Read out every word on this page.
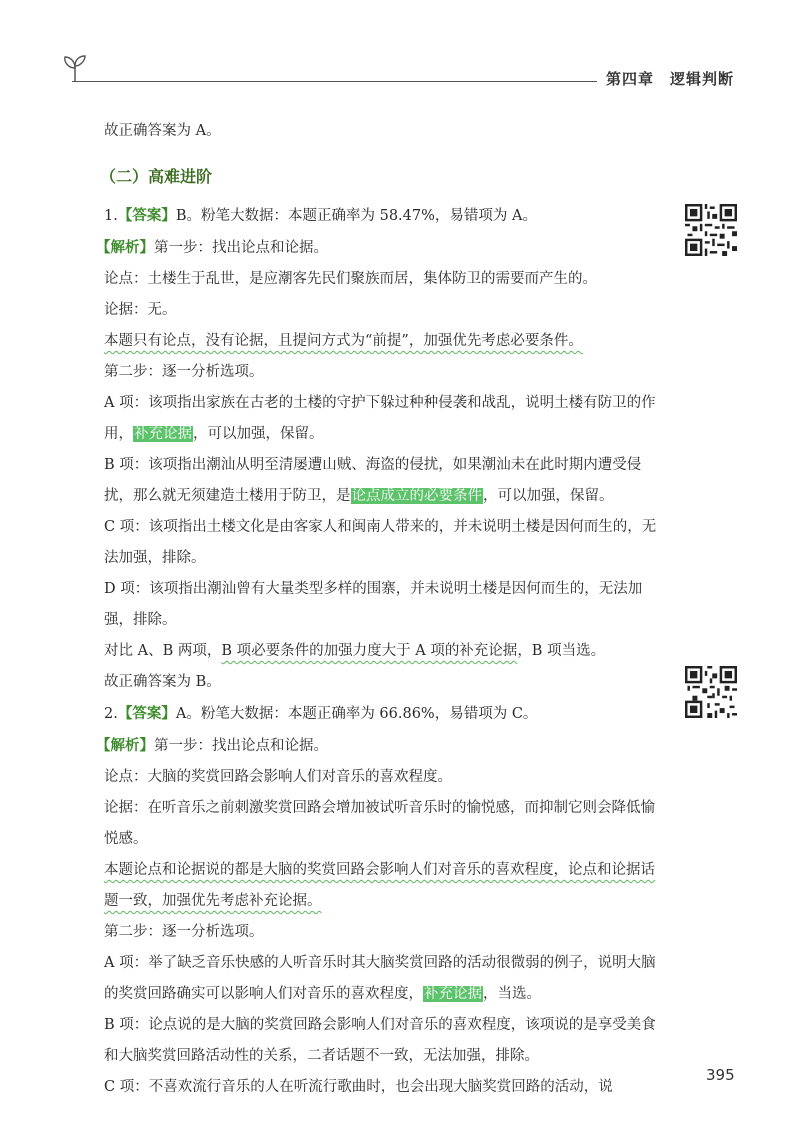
第四章　逻辑判断

故正确答案为 A。

（二）高难进阶

1.【答案】B。粉笔大数据：本题正确率为 58.47%，易错项为 A。

【解析】第一步：找出论点和论据。

论点：土楼生于乱世，是应潮客先民们聚族而居，集体防卫的需要而产生的。

论据：无。

本题只有论点，没有论据，且提问方式为“前提”，加强优先考虑必要条件。

第二步：逐一分析选项。

A 项：该项指出家族在古老的土楼的守护下躲过种种侵袭和战乱，说明土楼有防卫的作用，补充论据，可以加强，保留。

B 项：该项指出潮汕从明至清屡遭山贼、海盗的侵扰，如果潮汕未在此时期内遭受侵扰，那么就无须建造土楼用于防卫，是论点成立的必要条件，可以加强，保留。

C 项：该项指出土楼文化是由客家人和闽南人带来的，并未说明土楼是因何而生的，无法加强，排除。

D 项：该项指出潮汕曾有大量类型多样的围寨，并未说明土楼是因何而生的，无法加强，排除。

对比 A、B 两项，B 项必要条件的加强力度大于 A 项的补充论据，B 项当选。

故正确答案为 B。

2.【答案】A。粉笔大数据：本题正确率为 66.86%，易错项为 C。

【解析】第一步：找出论点和论据。

论点：大脑的奖赏回路会影响人们对音乐的喜欢程度。

论据：在听音乐之前刺激奖赏回路会增加被试听音乐时的愉悦感，而抑制它则会降低愉悦感。

本题论点和论据说的都是大脑的奖赏回路会影响人们对音乐的喜欢程度，论点和论据话题一致，加强优先考虑补充论据。

第二步：逐一分析选项。

A 项：举了缺乏音乐快感的人听音乐时其大脑奖赏回路的活动很微弱的例子，说明大脑的奖赏回路确实可以影响人们对音乐的喜欢程度，补充论据，当选。

B 项：论点说的是大脑的奖赏回路会影响人们对音乐的喜欢程度，该项说的是享受美食和大脑奖赏回路活动性的关系，二者话题不一致，无法加强，排除。

C 项：不喜欢流行音乐的人在听流行歌曲时，也会出现大脑奖赏回路的活动，说

395
